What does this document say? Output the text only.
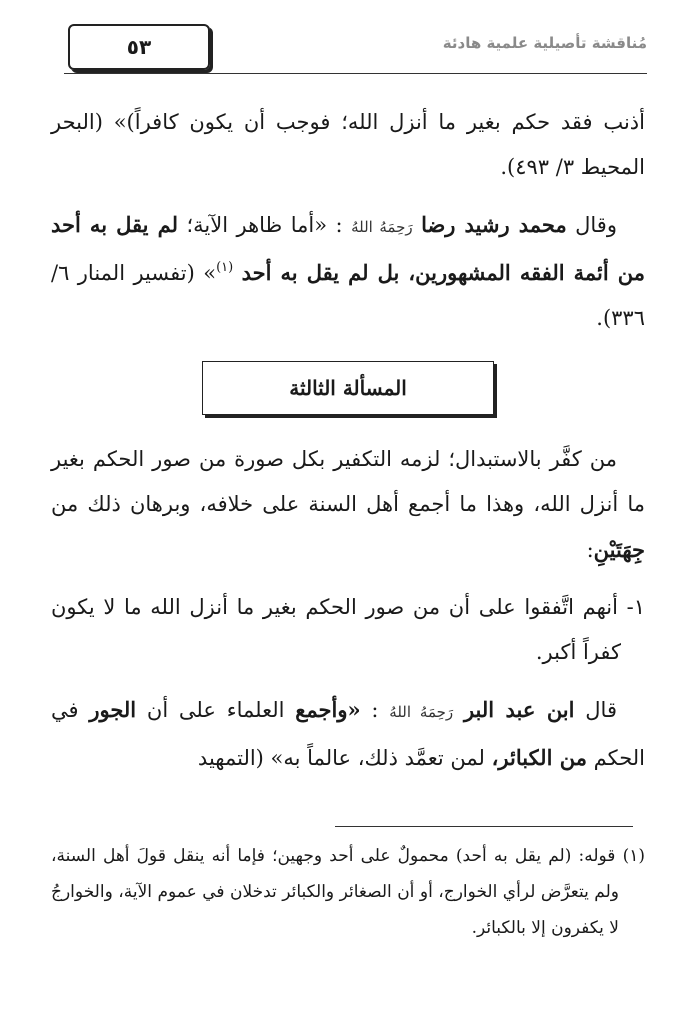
٥٣	مُناقشة تأصيلية علمية هادئة

أذنب فقد حكم بغير ما أنزل الله؛ فوجب أن يكون كافراً)» (البحر المحيط ٣/ ٤٩٣).

وقال محمد رشيد رضا رَحِمَهُ اللهُ : «أما ظاهر الآية؛ لم يقل به أحد من أئمة الفقه المشهورين، بل لم يقل به أحد $^{(١)}$» (تفسير المنار ٦/ ٣٣٦).

المسألة الثالثة

من كفَّر بالاستبدال؛ لزمه التكفير بكل صورة من صور الحكم بغير ما أنزل الله، وهذا ما أجمع أهل السنة على خلافه، وبرهان ذلك من جِهَتَيْنِ:

١- أنهم اتَّفقوا على أن من صور الحكم بغير ما أنزل الله ما لا يكون كفراً أكبر.

قال ابن عبد البر رَحِمَهُ اللهُ : «وأجمع العلماء على أن الجور في الحكم من الكبائر، لمن تعمَّد ذلك، عالماً به» (التمهيد

(١) قوله: (لم يقل به أحد) محمولٌ على أحد وجهين؛ فإما أنه ينقل قولَ أهل السنة، ولم يتعرَّض لرأي الخوارج، أو أن الصغائر والكبائر تدخلان في عموم الآية، والخوارجُ لا يكفرون إلا بالكبائر.
